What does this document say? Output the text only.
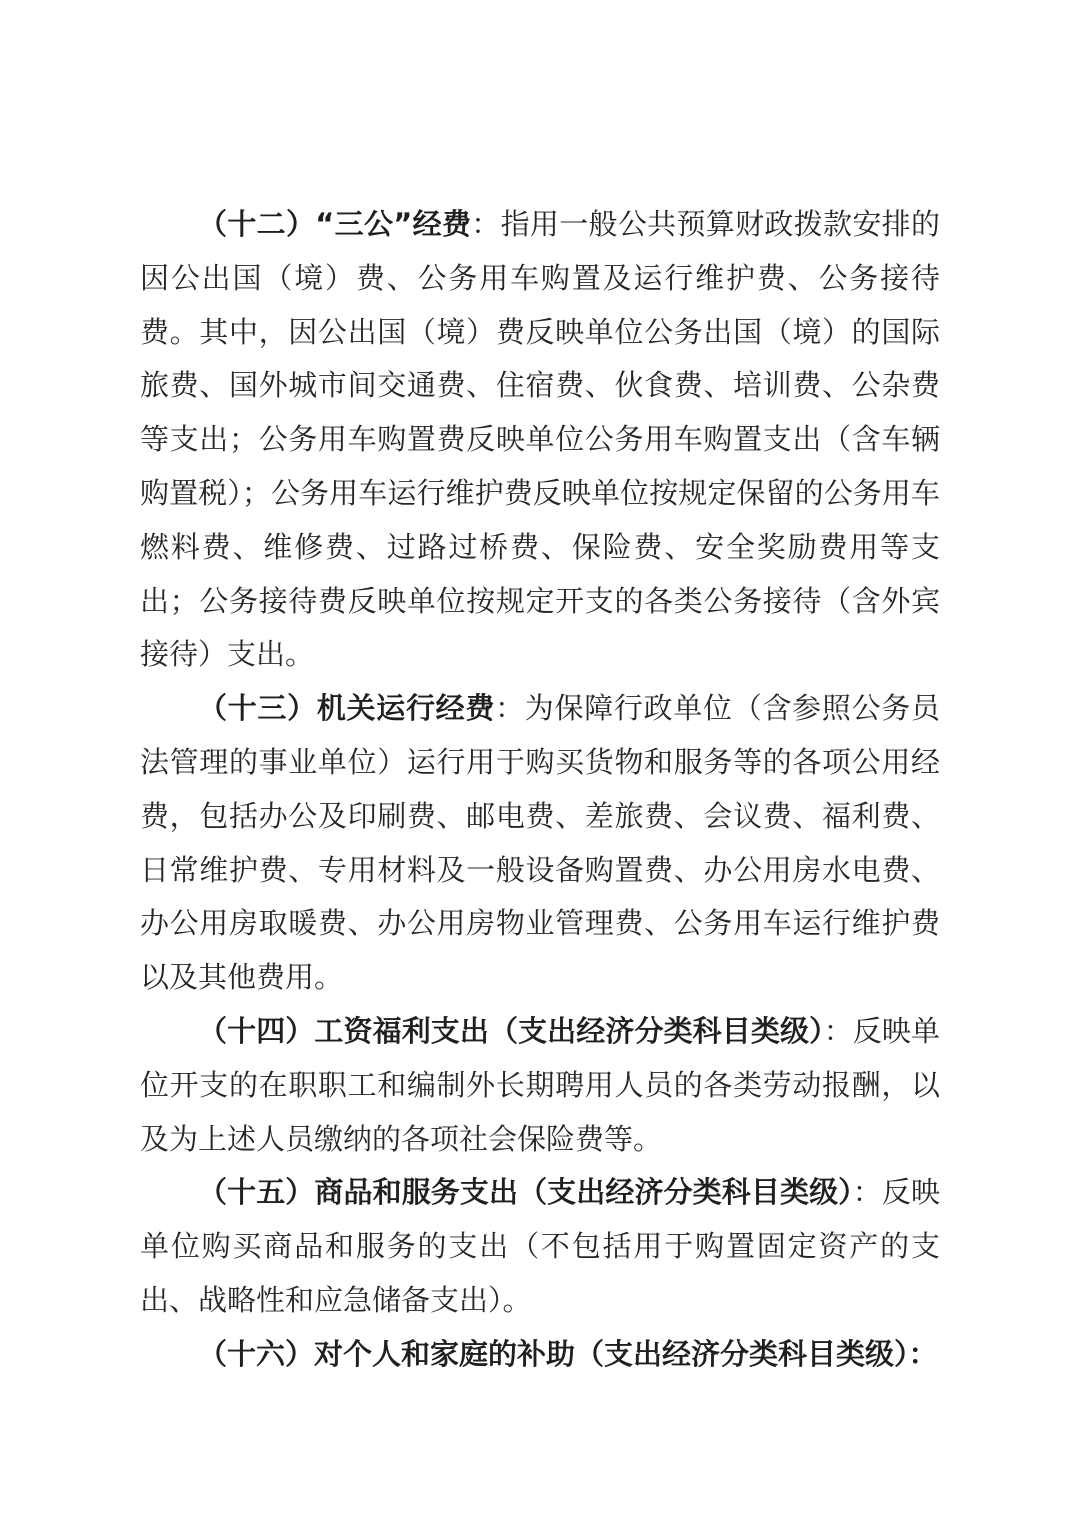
（十二）“三公”经费：指用一般公共预算财政拨款安排的因公出国（境）费、公务用车购置及运行维护费、公务接待费。其中，因公出国（境）费反映单位公务出国（境）的国际旅费、国外城市间交通费、住宿费、伙食费、培训费、公杂费等支出；公务用车购置费反映单位公务用车购置支出（含车辆购置税）；公务用车运行维护费反映单位按规定保留的公务用车燃料费、维修费、过路过桥费、保险费、安全奖励费用等支出；公务接待费反映单位按规定开支的各类公务接待（含外宾接待）支出。

（十三）机关运行经费：为保障行政单位（含参照公务员法管理的事业单位）运行用于购买货物和服务等的各项公用经费，包括办公及印刷费、邮电费、差旅费、会议费、福利费、日常维护费、专用材料及一般设备购置费、办公用房水电费、办公用房取暖费、办公用房物业管理费、公务用车运行维护费以及其他费用。

（十四）工资福利支出（支出经济分类科目类级）：反映单位开支的在职职工和编制外长期聘用人员的各类劳动报酬，以及为上述人员缴纳的各项社会保险费等。

（十五）商品和服务支出（支出经济分类科目类级）：反映单位购买商品和服务的支出（不包括用于购置固定资产的支出、战略性和应急储备支出）。

（十六）对个人和家庭的补助（支出经济分类科目类级）：
